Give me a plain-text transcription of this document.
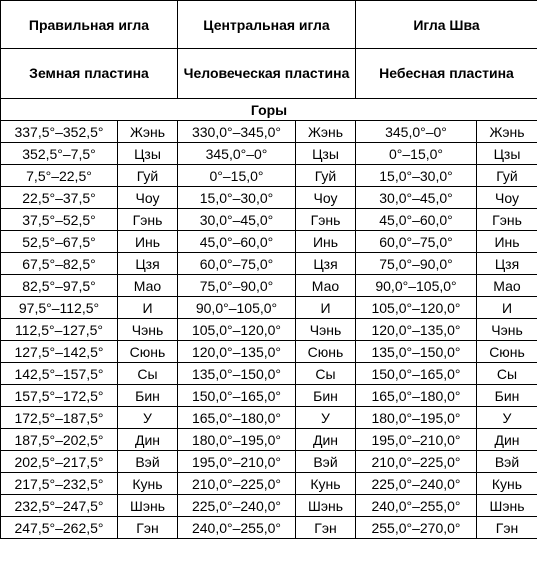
Правильная игла		Центральная игла		Игла Шва	
Земная пластина		Человеческая пластина		Небесная пластина	
Горы					
337,5°–352,5°	Жэнь	330,0°–345,0°	Жэнь	345,0°–0°	Жэнь
352,5°–7,5°	Цзы	345,0°–0°	Цзы	0°–15,0°	Цзы
7,5°–22,5°	Гуй	0°–15,0°	Гуй	15,0°–30,0°	Гуй
22,5°–37,5°	Чоу	15,0°–30,0°	Чоу	30,0°–45,0°	Чоу
37,5°–52,5°	Гэнь	30,0°–45,0°	Гэнь	45,0°–60,0°	Гэнь
52,5°–67,5°	Инь	45,0°–60,0°	Инь	60,0°–75,0°	Инь
67,5°–82,5°	Цзя	60,0°–75,0°	Цзя	75,0°–90,0°	Цзя
82,5°–97,5°	Мао	75,0°–90,0°	Мао	90,0°–105,0°	Мао
97,5°–112,5°	И	90,0°–105,0°	И	105,0°–120,0°	И
112,5°–127,5°	Чэнь	105,0°–120,0°	Чэнь	120,0°–135,0°	Чэнь
127,5°–142,5°	Сюнь	120,0°–135,0°	Сюнь	135,0°–150,0°	Сюнь
142,5°–157,5°	Сы	135,0°–150,0°	Сы	150,0°–165,0°	Сы
157,5°–172,5°	Бин	150,0°–165,0°	Бин	165,0°–180,0°	Бин
172,5°–187,5°	У	165,0°–180,0°	У	180,0°–195,0°	У
187,5°–202,5°	Дин	180,0°–195,0°	Дин	195,0°–210,0°	Дин
202,5°–217,5°	Вэй	195,0°–210,0°	Вэй	210,0°–225,0°	Вэй
217,5°–232,5°	Кунь	210,0°–225,0°	Кунь	225,0°–240,0°	Кунь
232,5°–247,5°	Шэнь	225,0°–240,0°	Шэнь	240,0°–255,0°	Шэнь
247,5°–262,5°	Гэн	240,0°–255,0°	Гэн	255,0°–270,0°	Гэн
